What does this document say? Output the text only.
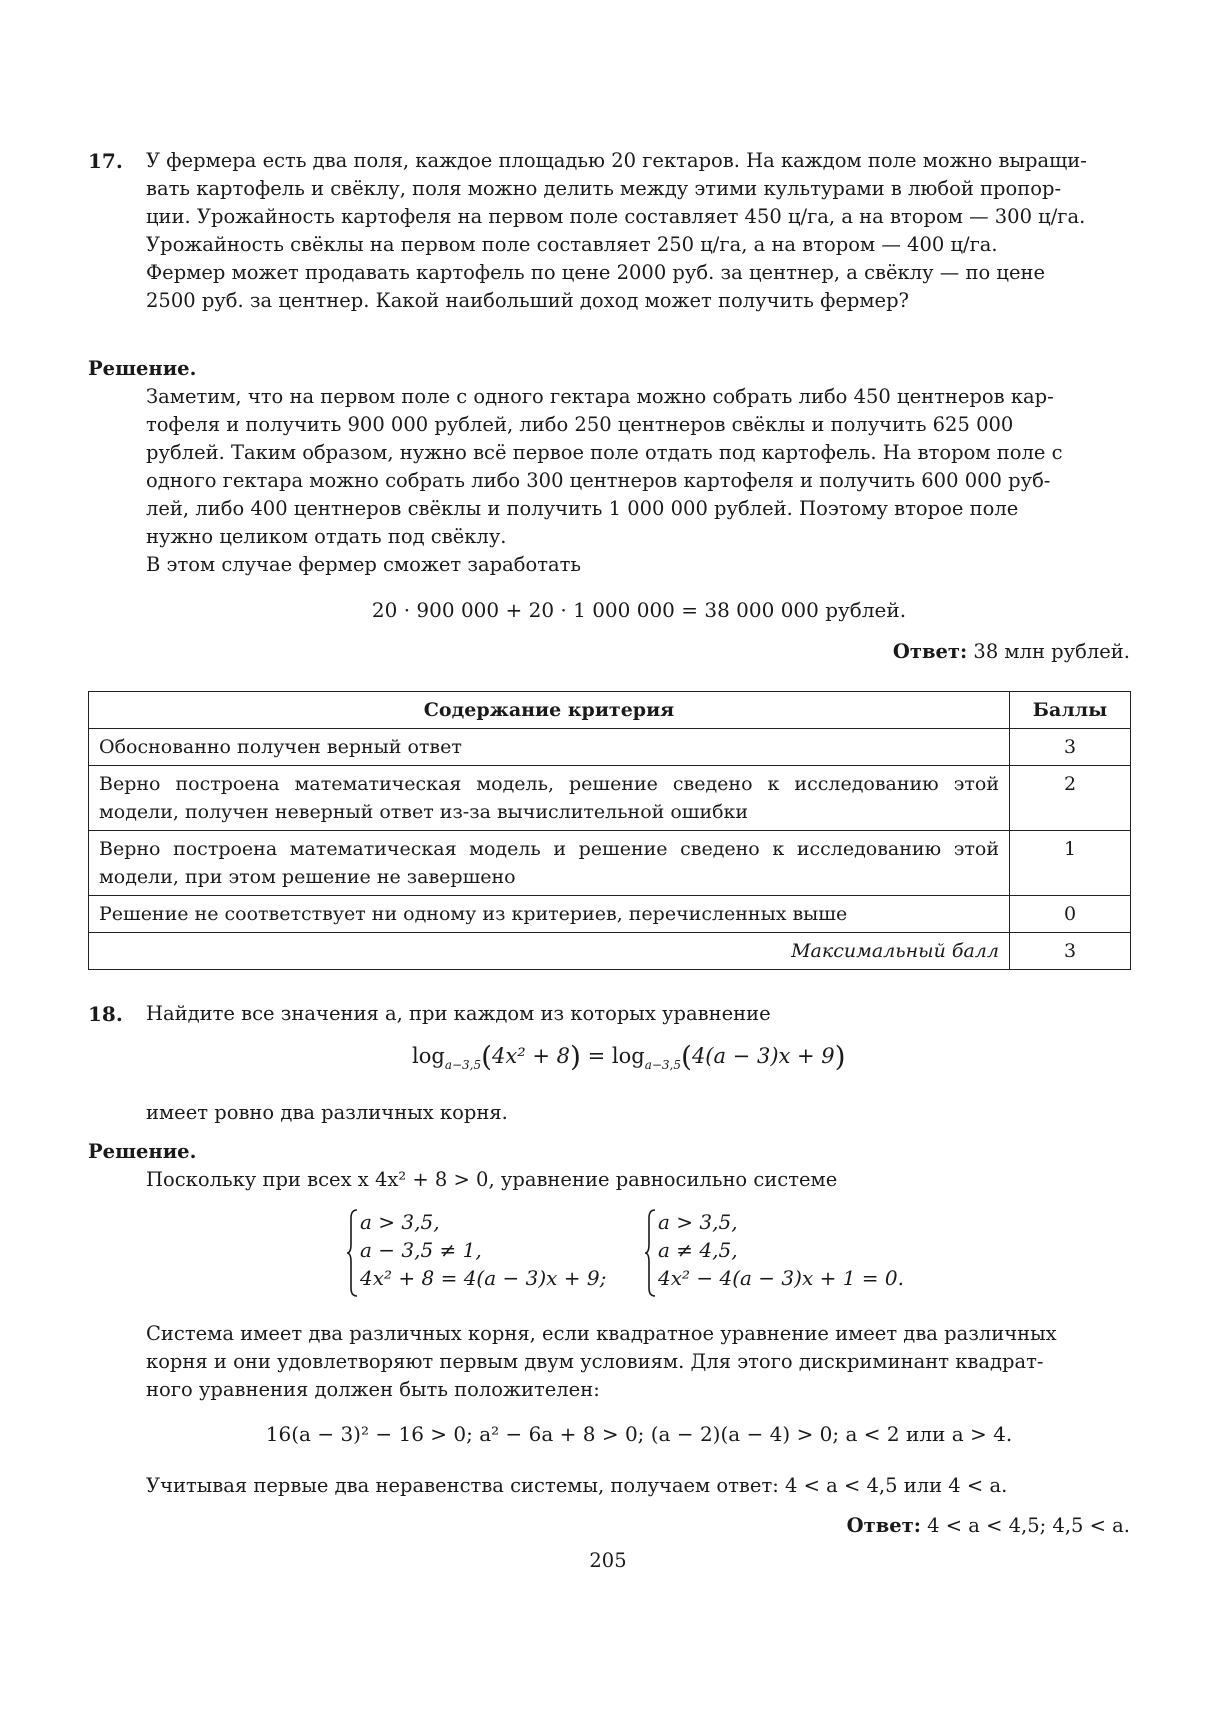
17. У фермера есть два поля, каждое площадью 20 гектаров. На каждом поле можно выращи-
вать картофель и свёклу, поля можно делить между этими культурами в любой пропор-
ции. Урожайность картофеля на первом поле составляет 450 ц/га, а на втором — 300 ц/га.
Урожайность свёклы на первом поле составляет 250 ц/га, а на втором — 400 ц/га.
Фермер может продавать картофель по цене 2000 руб. за центнер, а свёклу — по цене
2500 руб. за центнер. Какой наибольший доход может получить фермер?
Решение.
Заметим, что на первом поле с одного гектара можно собрать либо 450 центнеров кар-
тофеля и получить 900 000 рублей, либо 250 центнеров свёклы и получить 625 000
рублей. Таким образом, нужно всё первое поле отдать под картофель. На втором поле с
одного гектара можно собрать либо 300 центнеров картофеля и получить 600 000 руб-
лей, либо 400 центнеров свёклы и получить 1 000 000 рублей. Поэтому второе поле
нужно целиком отдать под свёклу.
В этом случае фермер сможет заработать
20 · 900 000 + 20 · 1 000 000 = 38 000 000 рублей.
Ответ: 38 млн рублей.
Содержание критерия	Баллы
Обоснованно получен верный ответ	3
Верно построена математическая модель, решение сведено к исследованию этой модели, получен неверный ответ из-за вычислительной ошибки	2
Верно построена математическая модель и решение сведено к исследованию этой модели, при этом решение не завершено	1
Решение не соответствует ни одному из критериев, перечисленных выше	0
Максимальный балл	3
18. Найдите все значения a, при каждом из которых уравнение
$\log_{a-3,5}(4x^2 + 8) = \log_{a-3,5}(4(a - 3)x + 9)$
имеет ровно два различных корня.
Решение.
Поскольку при всех x 4x² + 8 > 0, уравнение равносильно системе
a > 3,5,
a − 3,5 ≠ 1,
4x² + 8 = 4(a − 3)x + 9;
a > 3,5,
a ≠ 4,5,
4x² − 4(a − 3)x + 1 = 0.
Система имеет два различных корня, если квадратное уравнение имеет два различных
корня и они удовлетворяют первым двум условиям. Для этого дискриминант квадрат-
ного уравнения должен быть положителен:
16(a − 3)² − 16 > 0; a² − 6a + 8 > 0; (a − 2)(a − 4) > 0; a < 2 или a > 4.
Учитывая первые два неравенства системы, получаем ответ: 4 < a < 4,5 или 4 < a.
Ответ: 4 < a < 4,5; 4,5 < a.
205
